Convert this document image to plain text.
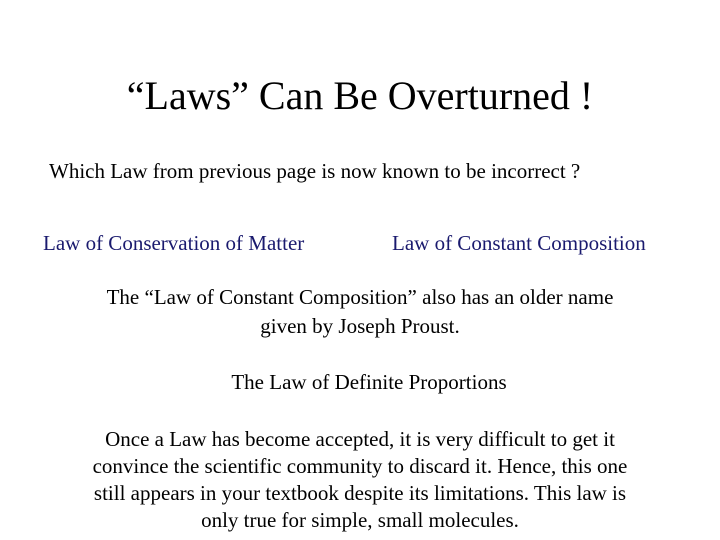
“Laws” Can Be Overturned !
Which Law from previous page is now known to be incorrect ?
Law of Conservation of Matter	Law of Constant Composition
The “Law of Constant Composition” also has an older name
given by Joseph Proust.
The Law of Definite Proportions
Once a Law has become accepted, it is very difficult to get it
convince the scientific community to discard it. Hence, this one
still appears in your textbook despite its limitations. This law is
only true for simple, small molecules.
